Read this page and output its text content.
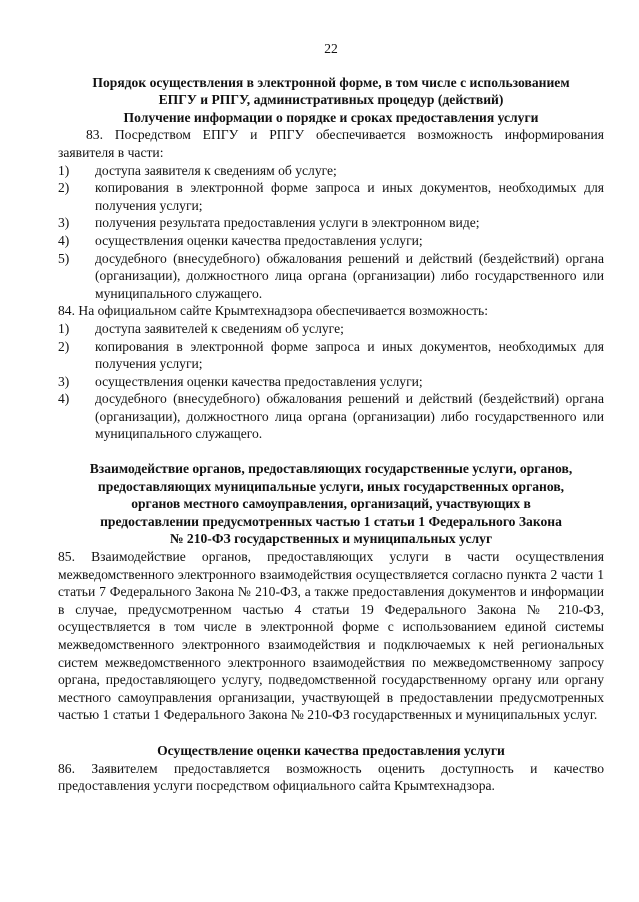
22
Порядок осуществления в электронной форме, в том числе с использованием
ЕПГУ и РПГУ, административных процедур (действий)
Получение информации о порядке и сроках предоставления услуги
83. Посредством ЕПГУ и РПГУ обеспечивается возможность информирования заявителя в части:
1) доступа заявителя к сведениям об услуге;
2) копирования в электронной форме запроса и иных документов, необходимых для получения услуги;
3) получения результата предоставления услуги в электронном виде;
4) осуществления оценки качества предоставления услуги;
5) досудебного (внесудебного) обжалования решений и действий (бездействий) органа (организации), должностного лица органа (организации) либо государственного или муниципального служащего.
84. На официальном сайте Крымтехнадзора обеспечивается возможность:
1) доступа заявителей к сведениям об услуге;
2) копирования в электронной форме запроса и иных документов, необходимых для получения услуги;
3) осуществления оценки качества предоставления услуги;
4) досудебного (внесудебного) обжалования решений и действий (бездействий) органа (организации), должностного лица органа (организации) либо государственного или муниципального служащего.
Взаимодействие органов, предоставляющих государственные услуги, органов,
предоставляющих муниципальные услуги, иных государственных органов,
органов местного самоуправления, организаций, участвующих в
предоставлении предусмотренных частью 1 статьи 1 Федерального Закона
№ 210-ФЗ государственных и муниципальных услуг
85. Взаимодействие органов, предоставляющих услуги в части осуществления межведомственного электронного взаимодействия осуществляется согласно пункта 2 части 1 статьи 7 Федерального Закона № 210-ФЗ, а также предоставления документов и информации в случае, предусмотренном частью 4 статьи 19 Федерального Закона № 210-ФЗ, осуществляется в том числе в электронной форме с использованием единой системы межведомственного электронного взаимодействия и подключаемых к ней региональных систем межведомственного электронного взаимодействия по межведомственному запросу органа, предоставляющего услугу, подведомственной государственному органу или органу местного самоуправления организации, участвующей в предоставлении предусмотренных частью 1 статьи 1 Федерального Закона № 210-ФЗ государственных и муниципальных услуг.
Осуществление оценки качества предоставления услуги
86. Заявителем предоставляется возможность оценить доступность и качество предоставления услуги посредством официального сайта Крымтехнадзора.
